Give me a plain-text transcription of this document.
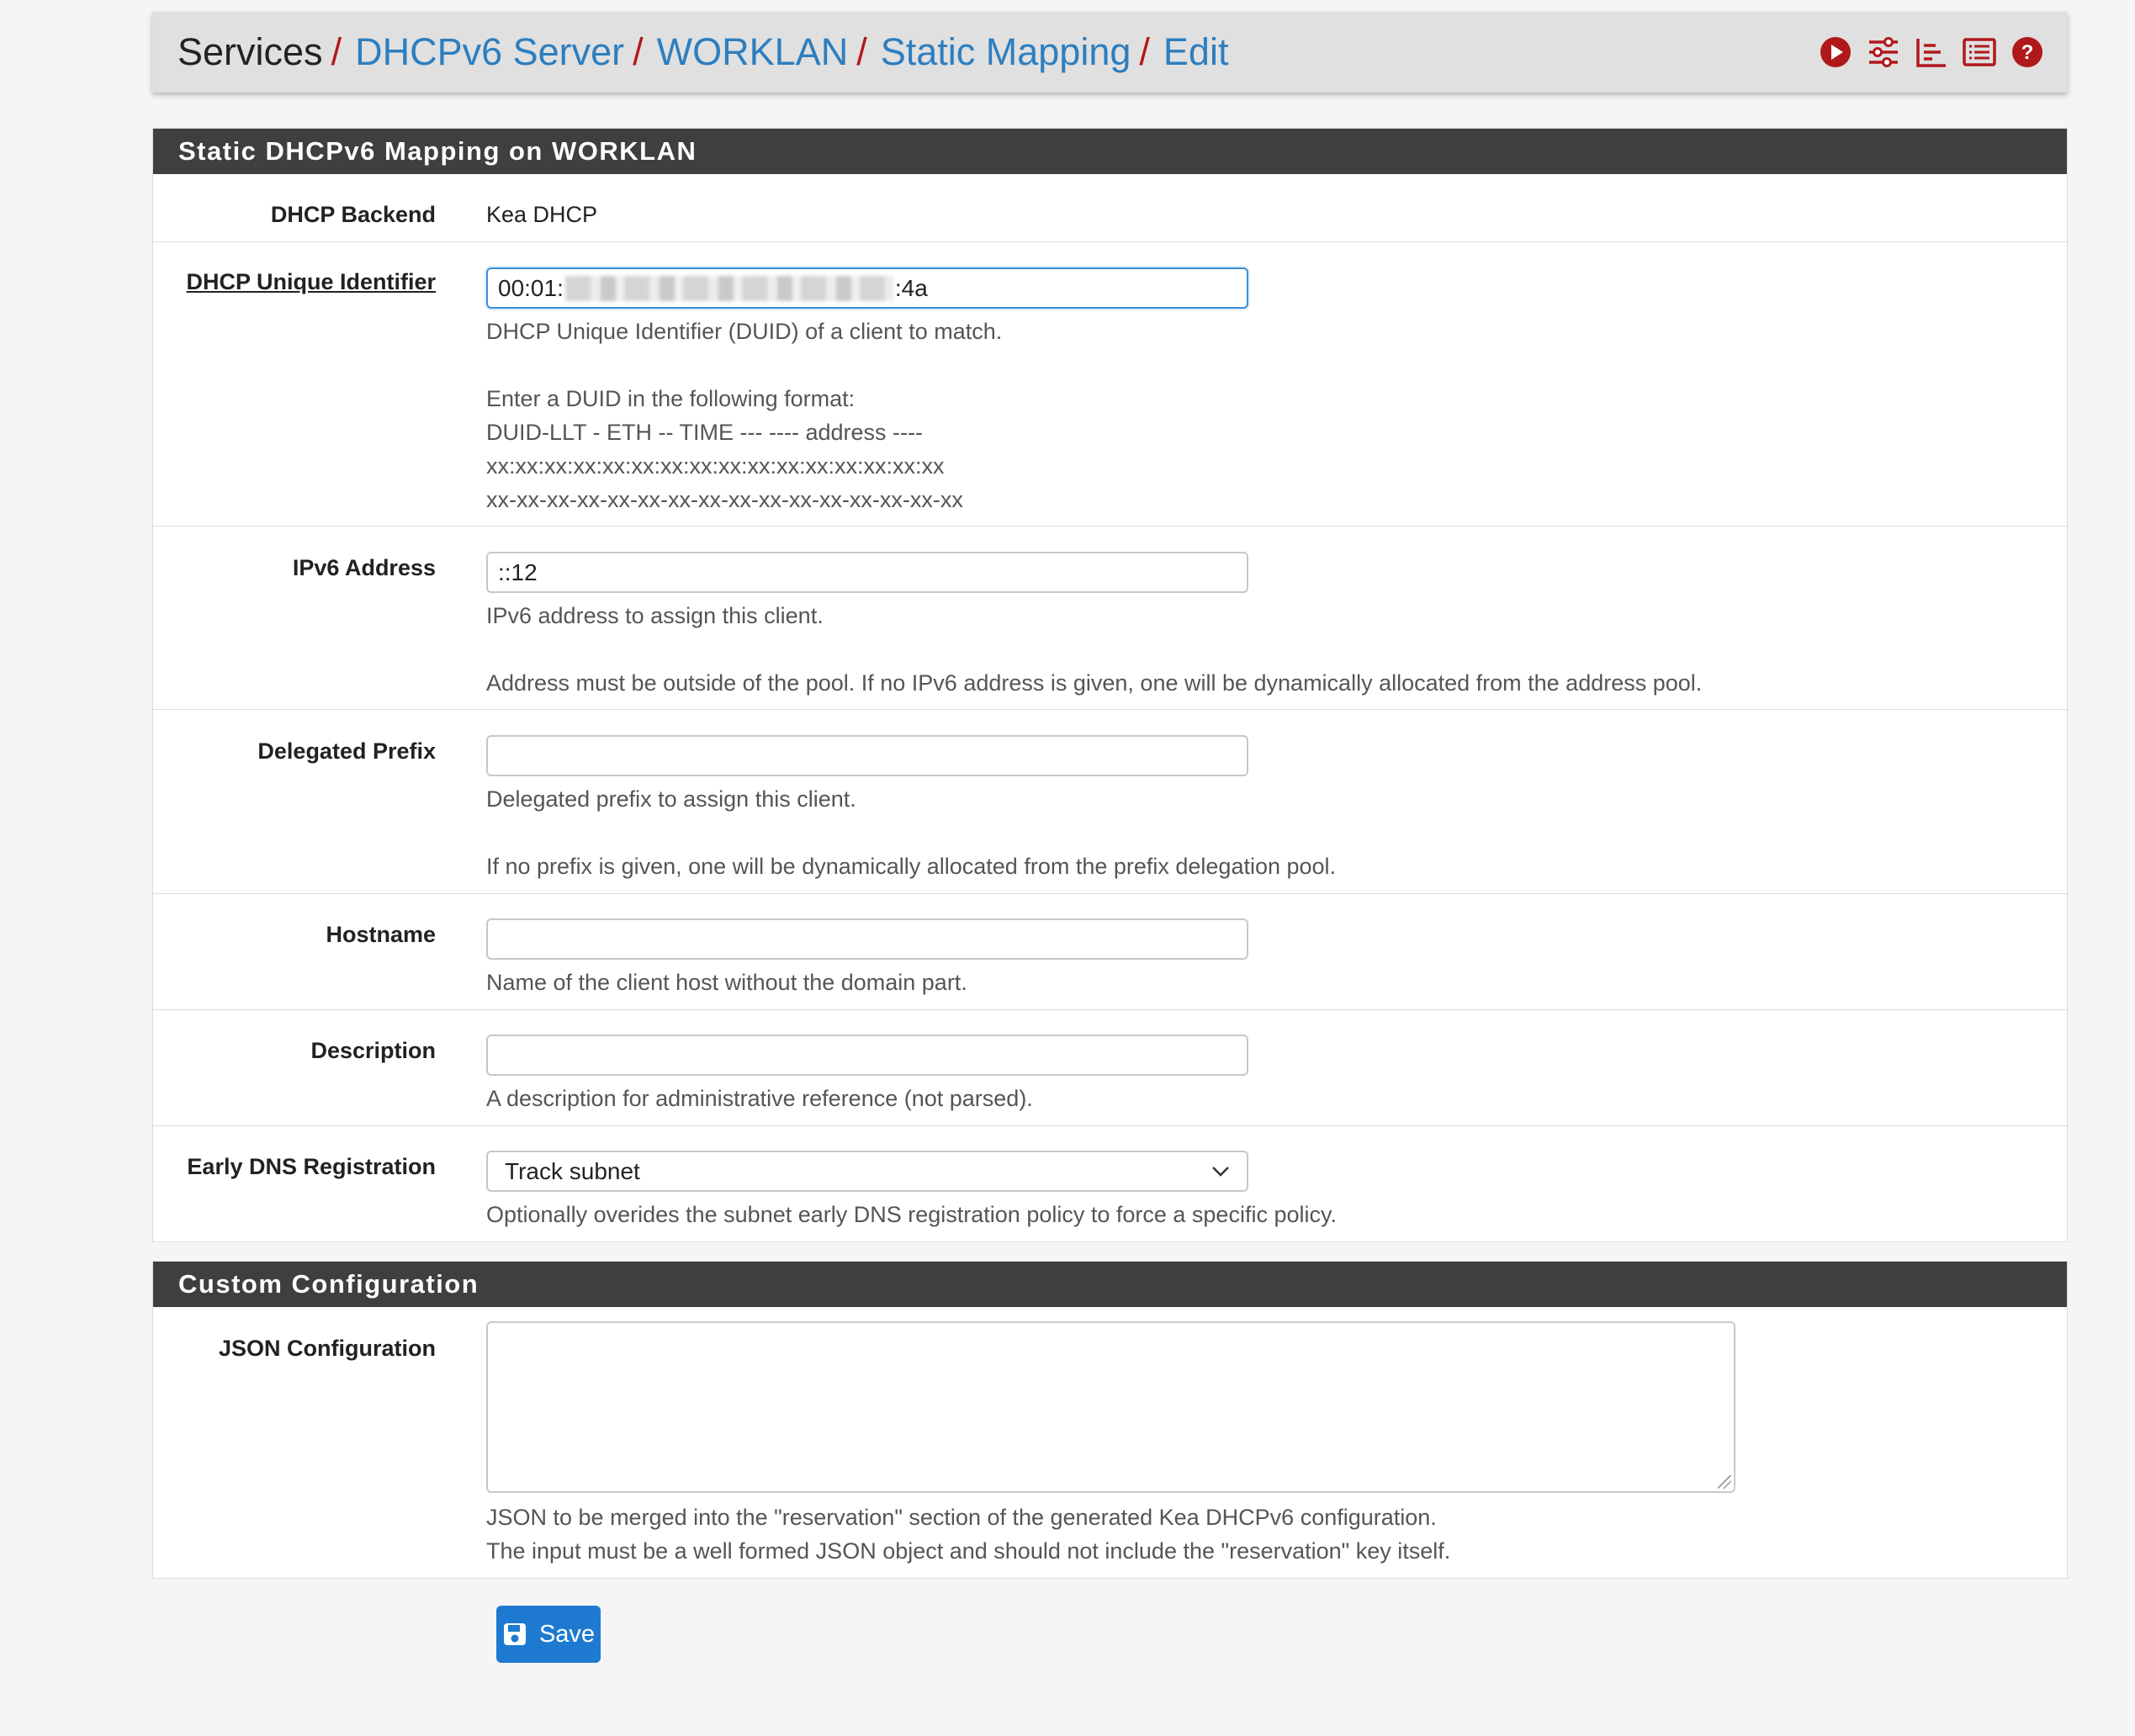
Services / DHCPv6 Server / WORKLAN / Static Mapping / Edit	?
Static DHCPv6 Mapping on WORKLAN
DHCP Backend Kea DHCP
DHCP Unique Identifier	00:01:	:4a
DHCP Unique Identifier (DUID) of a client to match.
Enter a DUID in the following format:
DUID-LLT - ETH -- TIME --- ---- address ----
xx:xx:xx:xx:xx:xx:xx:xx:xx:xx:xx:xx:xx:xx:xx:xx
xx-xx-xx-xx-xx-xx-xx-xx-xx-xx-xx-xx-xx-xx-xx-xx
IPv6 Address	::12
IPv6 address to assign this client.
Address must be outside of the pool. If no IPv6 address is given, one will be dynamically allocated from the address pool.
Delegated Prefix
Delegated prefix to assign this client.
If no prefix is given, one will be dynamically allocated from the prefix delegation pool.
Hostname
Name of the client host without the domain part.
Description
A description for administrative reference (not parsed).
Early DNS Registration	Track subnet
Optionally overides the subnet early DNS registration policy to force a specific policy.
Custom Configuration
JSON Configuration
JSON to be merged into the "reservation" section of the generated Kea DHCPv6 configuration.
The input must be a well formed JSON object and should not include the "reservation" key itself.
Save
